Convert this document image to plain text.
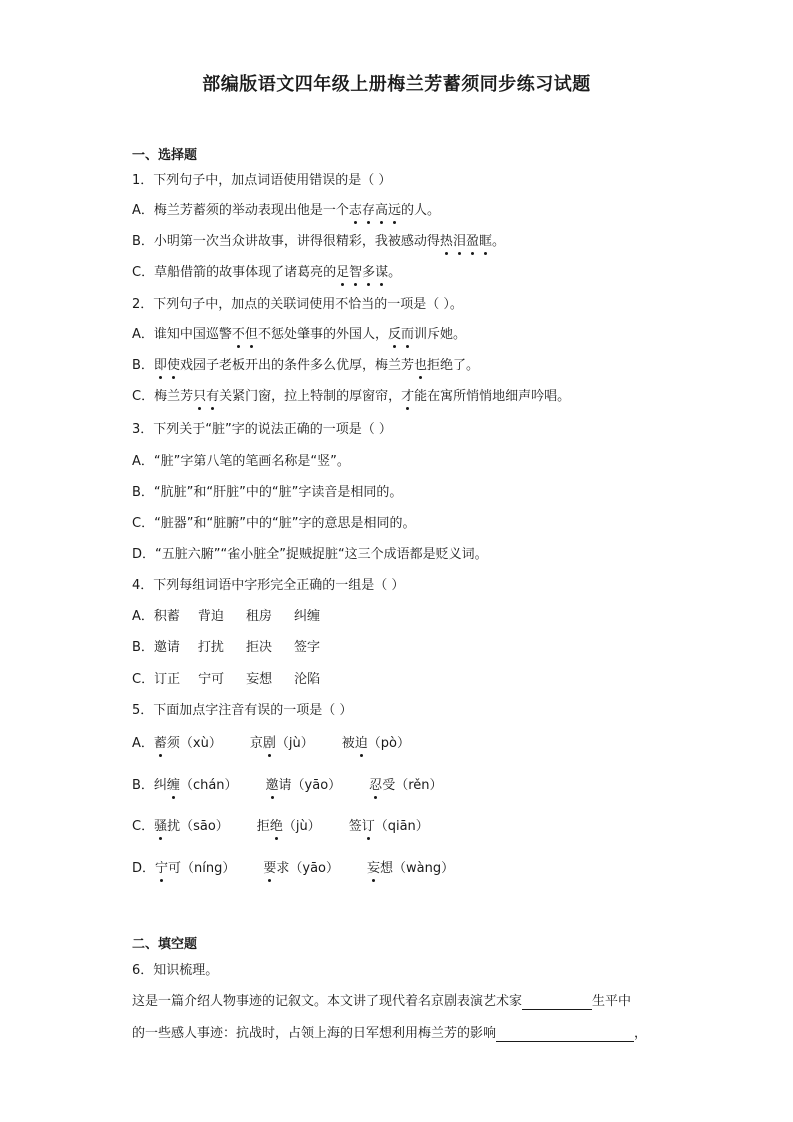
部编版语文四年级上册梅兰芳蓄须同步练习试题
一、选择题
1．下列句子中，加点词语使用错误的是（ ）
A．梅兰芳蓄须的举动表现出他是一个志存高远的人。
B．小明第一次当众讲故事，讲得很精彩，我被感动得热泪盈眶。
C．草船借箭的故事体现了诸葛亮的足智多谋。
2．下列句子中，加点的关联词使用不恰当的一项是（ ）。
A．谁知中国巡警不但不惩处肇事的外国人，反而训斥她。
B．即使戏园子老板开出的条件多么优厚，梅兰芳也拒绝了。
C．梅兰芳只有关紧门窗，拉上特制的厚窗帘，才能在寓所悄悄地细声吟唱。
3．下列关于“脏”字的说法正确的一项是（ ）
A．“脏”字第八笔的笔画名称是“竖”。
B．“肮脏”和“肝脏”中的“脏”字读音是相同的。
C．“脏器”和“脏腑”中的“脏”字的意思是相同的。
D．“五脏六腑”“雀小脏全”捉贼捉脏“这三个成语都是贬义词。
4．下列每组词语中字形完全正确的一组是（ ）
A．积蓄 背迫 租房 纠缠
B．邀请 打扰 拒决 签字
C．订正 宁可 妄想 沦陷
5．下面加点字注音有误的一项是（ ）
A．蓄须（xù） 京剧（jù） 被迫（pò）
B．纠缠（chán） 邀请（yāo） 忍受（rěn）
C．骚扰（sāo） 拒绝（jù） 签订（qiān）
D．宁可（níng） 要求（yāo） 妄想（wàng）
二、填空题
6．知识梳理。
这是一篇介绍人物事迹的记叙文。本文讲了现代着名京剧表演艺术家	生平中
的一些感人事迹：抗战时，占领上海的日军想利用梅兰芳的影响	，
